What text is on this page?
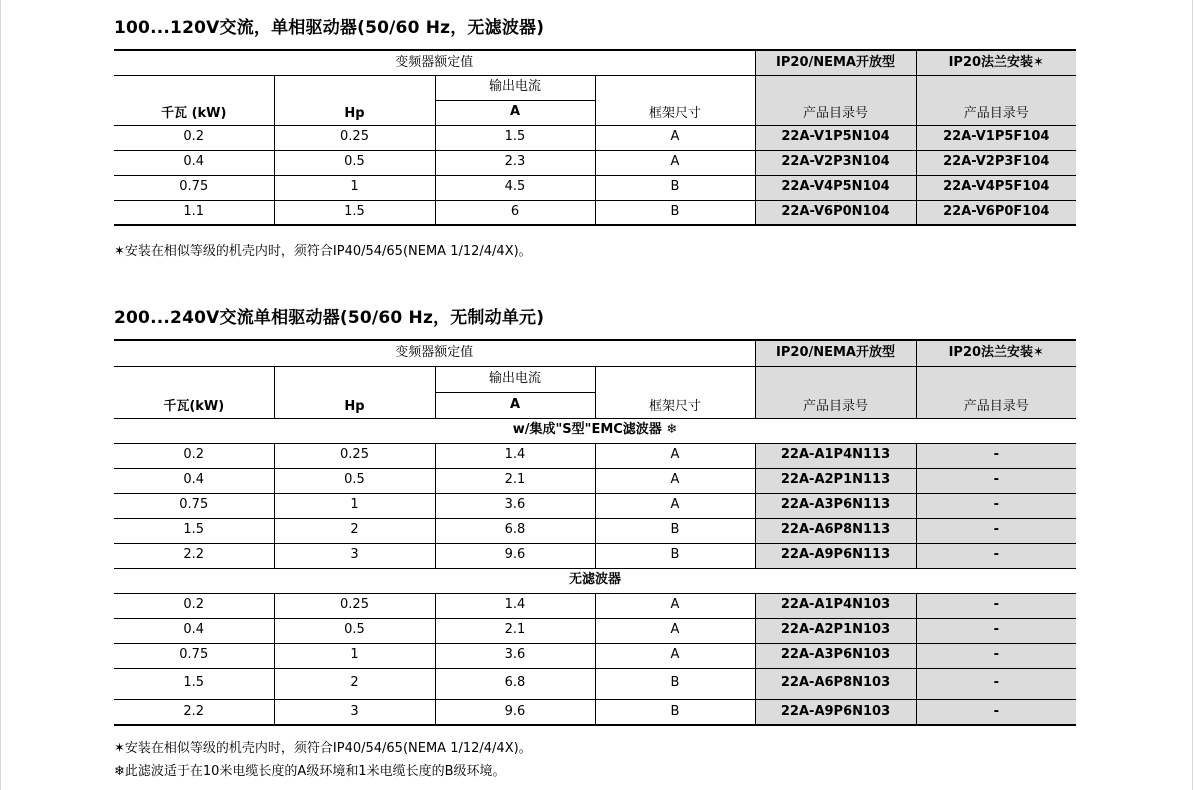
100...120V交流，单相驱动器(50/60 Hz，无滤波器)
变频器额定值				IP20/NEMA开放型	IP20法兰安装✶
千瓦 (kW)	Hp	输出电流	框架尺寸	产品目录号	产品目录号
		A			
0.2	0.25	1.5	A	22A-V1P5N104	22A-V1P5F104
0.4	0.5	2.3	A	22A-V2P3N104	22A-V2P3F104
0.75	1	4.5	B	22A-V4P5N104	22A-V4P5F104
1.1	1.5	6	B	22A-V6P0N104	22A-V6P0F104
✶安装在相似等级的机壳内时，须符合IP40/54/65(NEMA 1/12/4/4X)。
200...240V交流单相驱动器(50/60 Hz，无制动单元)
变频器额定值				IP20/NEMA开放型	IP20法兰安装✶
千瓦(kW)	Hp	输出电流	框架尺寸	产品目录号	产品目录号
		A			
w/集成"S型"EMC滤波器 ❄					
0.2	0.25	1.4	A	22A-A1P4N113	-
0.4	0.5	2.1	A	22A-A2P1N113	-
0.75	1	3.6	A	22A-A3P6N113	-
1.5	2	6.8	B	22A-A6P8N113	-
2.2	3	9.6	B	22A-A9P6N113	-
无滤波器					
0.2	0.25	1.4	A	22A-A1P4N103	-
0.4	0.5	2.1	A	22A-A2P1N103	-
0.75	1	3.6	A	22A-A3P6N103	-
1.5	2	6.8	B	22A-A6P8N103	-
2.2	3	9.6	B	22A-A9P6N103	-
✶安装在相似等级的机壳内时，须符合IP40/54/65(NEMA 1/12/4/4X)。
❄此滤波适于在10米电缆长度的A级环境和1米电缆长度的B级环境。
